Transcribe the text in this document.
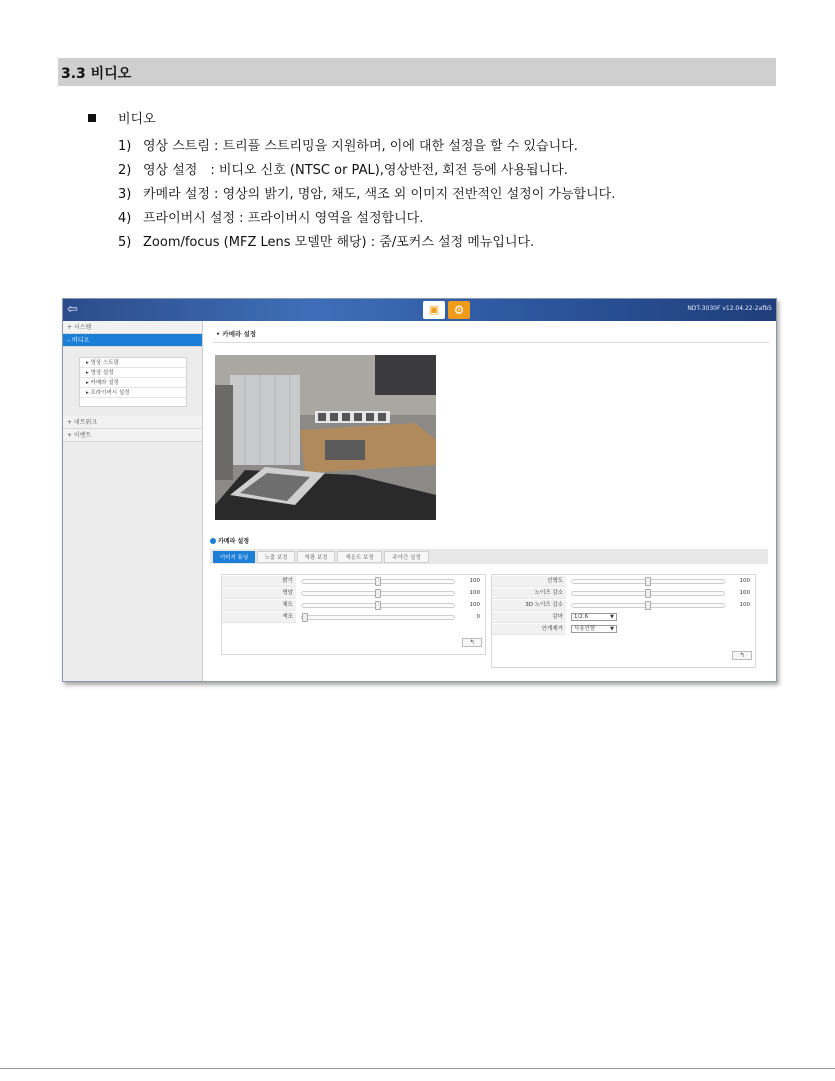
3.3 비디오
비디오
1) 영상 스트림 : 트리플 스트리밍을 지원하며, 이에 대한 설정을 할 수 있습니다.
2) 영상 설정　: 비디오 신호 (NTSC or PAL),영상반전, 회전 등에 사용됩니다.
3) 카메라 설정 : 영상의 밝기, 명암, 채도, 색조 외 이미지 전반적인 설정이 가능합니다.
4) 프라이버시 설정 : 프라이버시 영역을 설정합니다.
5) Zoom/focus (MFZ Lens 모델만 해당) : 줌/포커스 설정 메뉴입니다.
⇦	▣	⚙	NDT-3030F v12.04.22-2afb5
+ 시스템
– 비디오
▸ 영상 스트림
▸ 영상 설정
▸ 카메라 설정
▸ 프라이버시 설정
+ 네트워크
+ 이벤트
• 카메라 설정
카메라 설정
이미지 튜닝	노출 보정	역광 보정	색온도 보정	주야간 설정
밝기	100
명암	100
채도	100
색조	0
↰
선명도	100
노이즈 감소	100
3D 노이즈 감소	100
감마	1/2.6	▼
안개제거	사용안함	▼
↰
